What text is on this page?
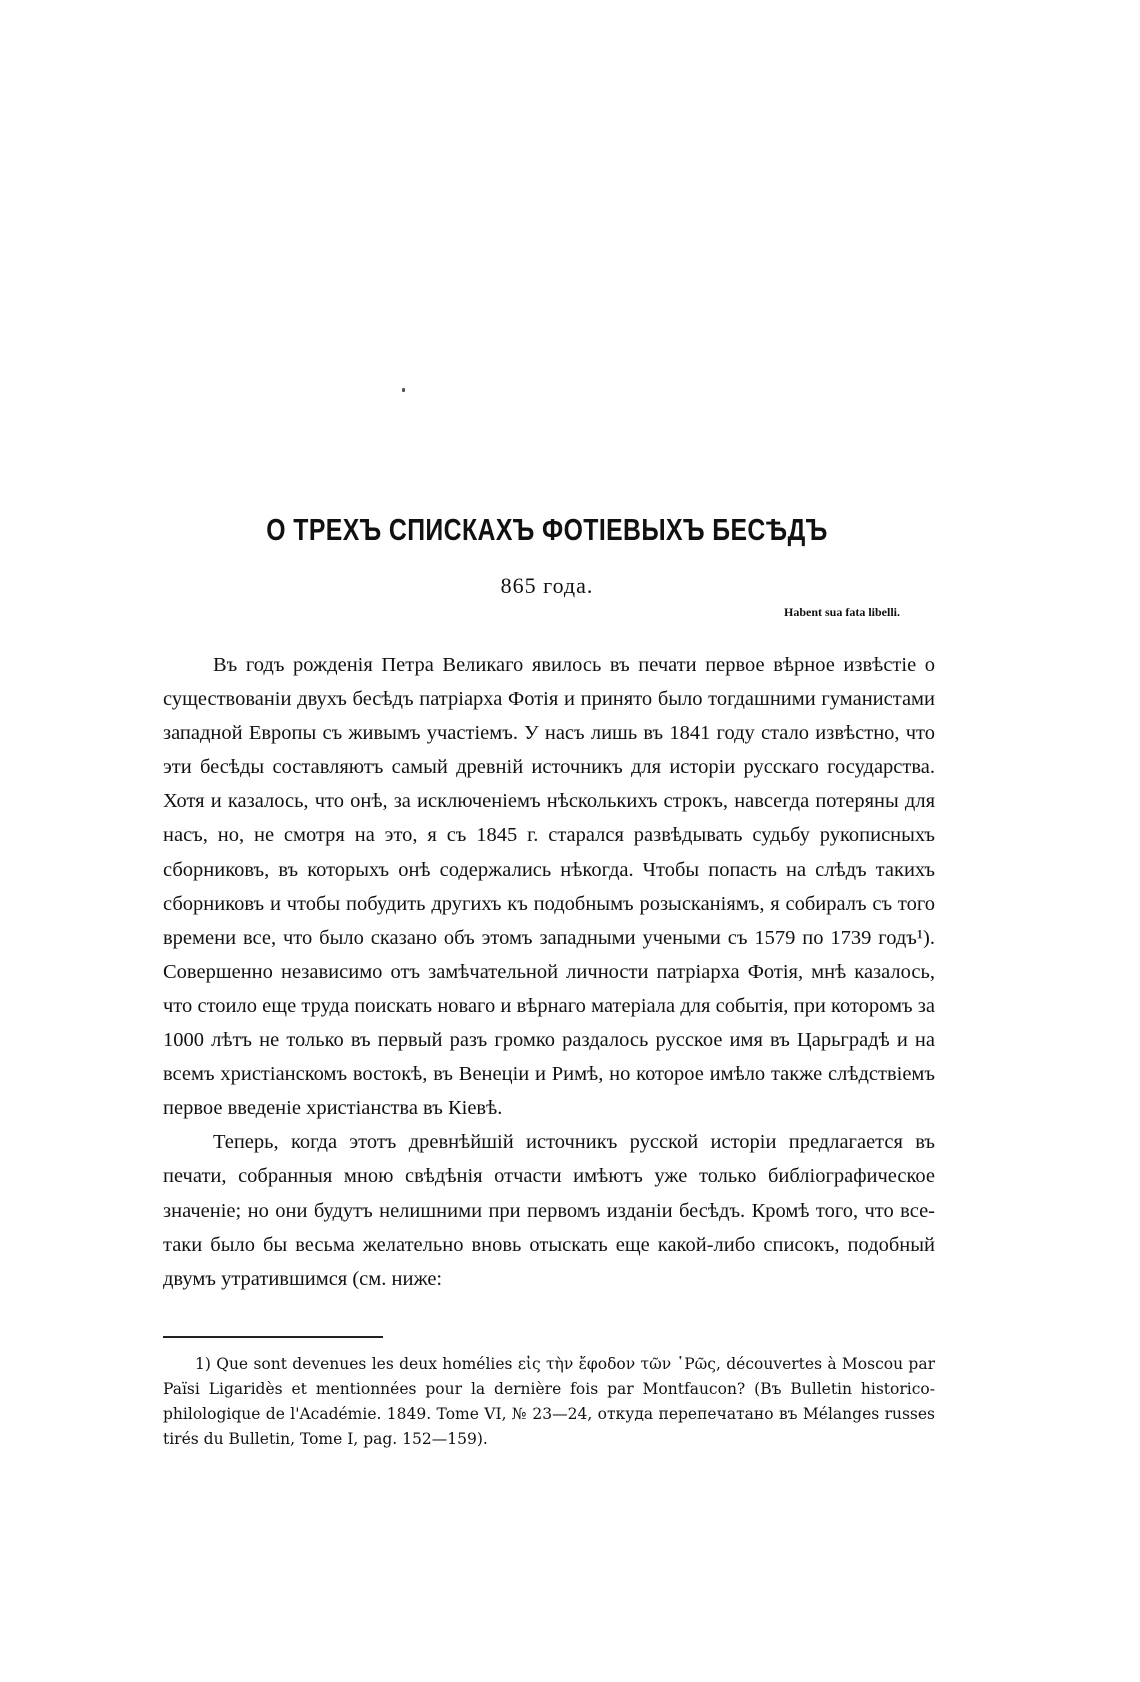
О ТРЕХЪ СПИСКАХЪ ФОТІЕВЫХЪ БЕСѢДЪ
865 года.
Habent sua fata libelli.

Въ годъ рожденія Петра Великаго явилось въ печати первое вѣрное извѣстіе о существованіи двухъ бесѣдъ патріарха Фотія и принято было тогдашними гуманистами западной Европы съ живымъ участіемъ. У насъ лишь въ 1841 году стало извѣстно, что эти бесѣды составляютъ самый древній источникъ для исторіи русскаго государства. Хотя и казалось, что онѣ, за исключеніемъ нѣсколькихъ строкъ, навсегда потеряны для насъ, но, не смотря на это, я съ 1845 г. старался развѣдывать судьбу рукописныхъ сборниковъ, въ которыхъ онѣ содержались нѣкогда. Чтобы попасть на слѣдъ такихъ сборниковъ и чтобы побудить другихъ къ подобнымъ розысканіямъ, я собиралъ съ того времени все, что было сказано объ этомъ западными учеными съ 1579 по 1739 годъ¹). Совершенно независимо отъ замѣчательной личности патріарха Фотія, мнѣ казалось, что стоило еще труда поискать новаго и вѣрнаго матеріала для событія, при которомъ за 1000 лѣтъ не только въ первый разъ громко раздалось русское имя въ Царьградѣ и на всемъ христіанскомъ востокѣ, въ Венеціи и Римѣ, но которое имѣло также слѣдствіемъ первое введеніе христіанства въ Кіевѣ.

Теперь, когда этотъ древнѣйшій источникъ русской исторіи предлагается въ печати, собранныя мною свѣдѣнія отчасти имѣютъ уже только библіографическое значеніе; но они будутъ нелишними при первомъ изданіи бесѣдъ. Кромѣ того, что все-таки было бы весьма желательно вновь отыскать еще какой-либо списокъ, подобный двумъ утратившимся (см. ниже:

1) Que sont devenues les deux homélies εἰς τὴν ἔφοδον τῶν ῾Ρῶς, découvertes à Moscou par Païsi Ligaridès et mentionnées pour la dernière fois par Montfaucon? (Въ Bulletin historico-philologique de l'Académie. 1849. Tome VI, № 23—24, откуда перепечатано въ Mélanges russes tirés du Bulletin, Tome I, pag. 152—159).
